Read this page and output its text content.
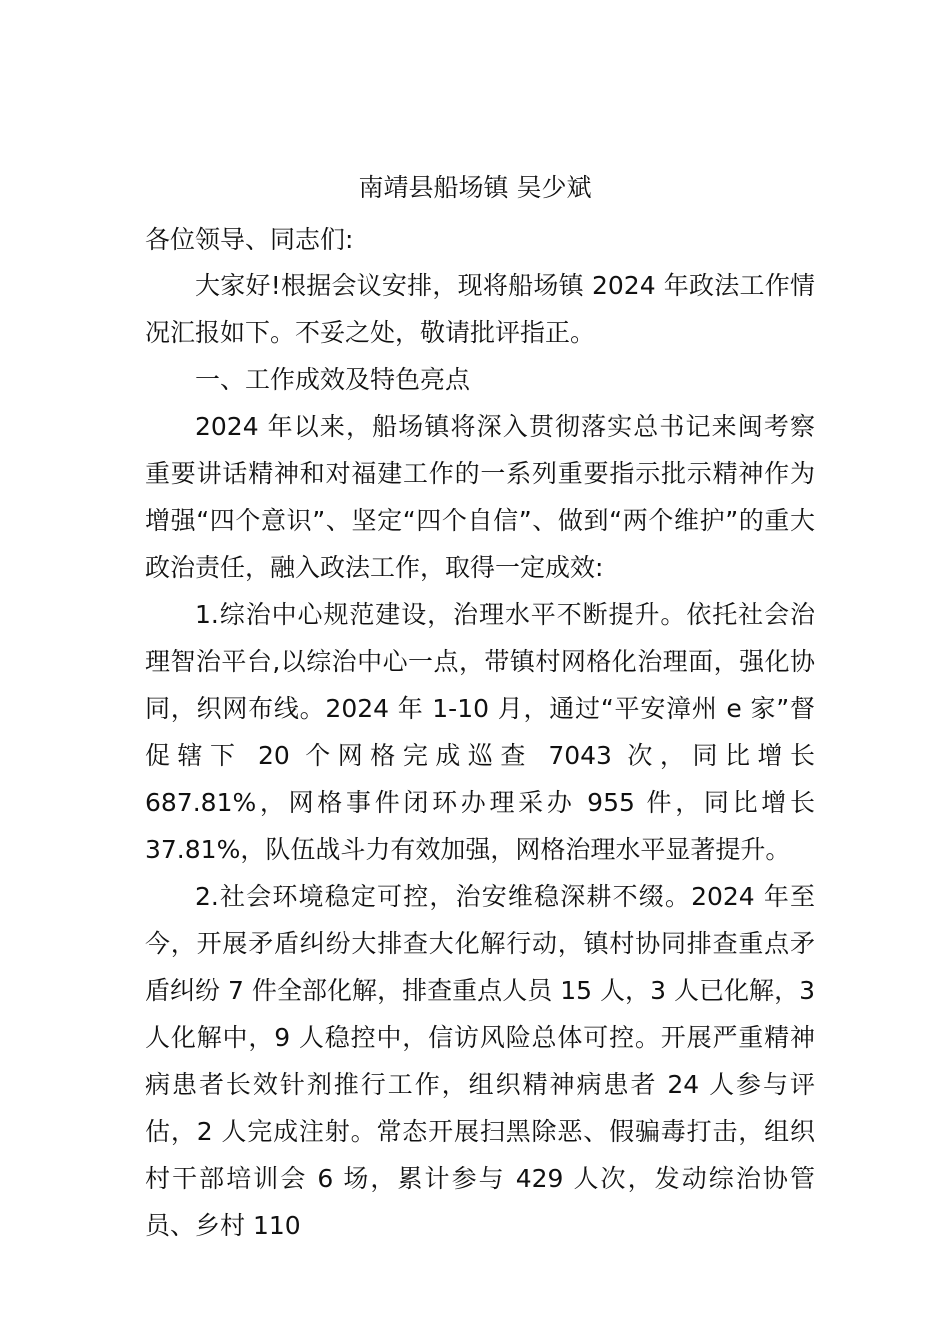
南靖县船场镇 吴少斌
各位领导、同志们:

大家好!根据会议安排，现将船场镇 2024 年政法工作情况汇报如下。不妥之处，敬请批评指正。

一、工作成效及特色亮点

2024 年以来，船场镇将深入贯彻落实总书记来闽考察重要讲话精神和对福建工作的一系列重要指示批示精神作为增强“四个意识”、坚定“四个自信”、做到“两个维护”的重大政治责任，融入政法工作，取得一定成效:

1.综治中心规范建设，治理水平不断提升。依托社会治理智治平台,以综治中心一点，带镇村网格化治理面，强化协同，织网布线。2024 年 1-10 月，通过“平安漳州 e 家”督促辖下 20 个网格完成巡查 7043 次，同比增长 687.81%，网格事件闭环办理采办 955 件，同比增长 37.81%，队伍战斗力有效加强，网格治理水平显著提升。

2.社会环境稳定可控，治安维稳深耕不缀。2024 年至今，开展矛盾纠纷大排查大化解行动，镇村协同排查重点矛盾纠纷 7 件全部化解，排查重点人员 15 人，3 人已化解，3 人化解中，9 人稳控中，信访风险总体可控。开展严重精神病患者长效针剂推行工作，组织精神病患者 24 人参与评估，2 人完成注射。常态开展扫黑除恶、假骗毒打击，组织村干部培训会 6 场，累计参与 429 人次，发动综治协管员、乡村 110
